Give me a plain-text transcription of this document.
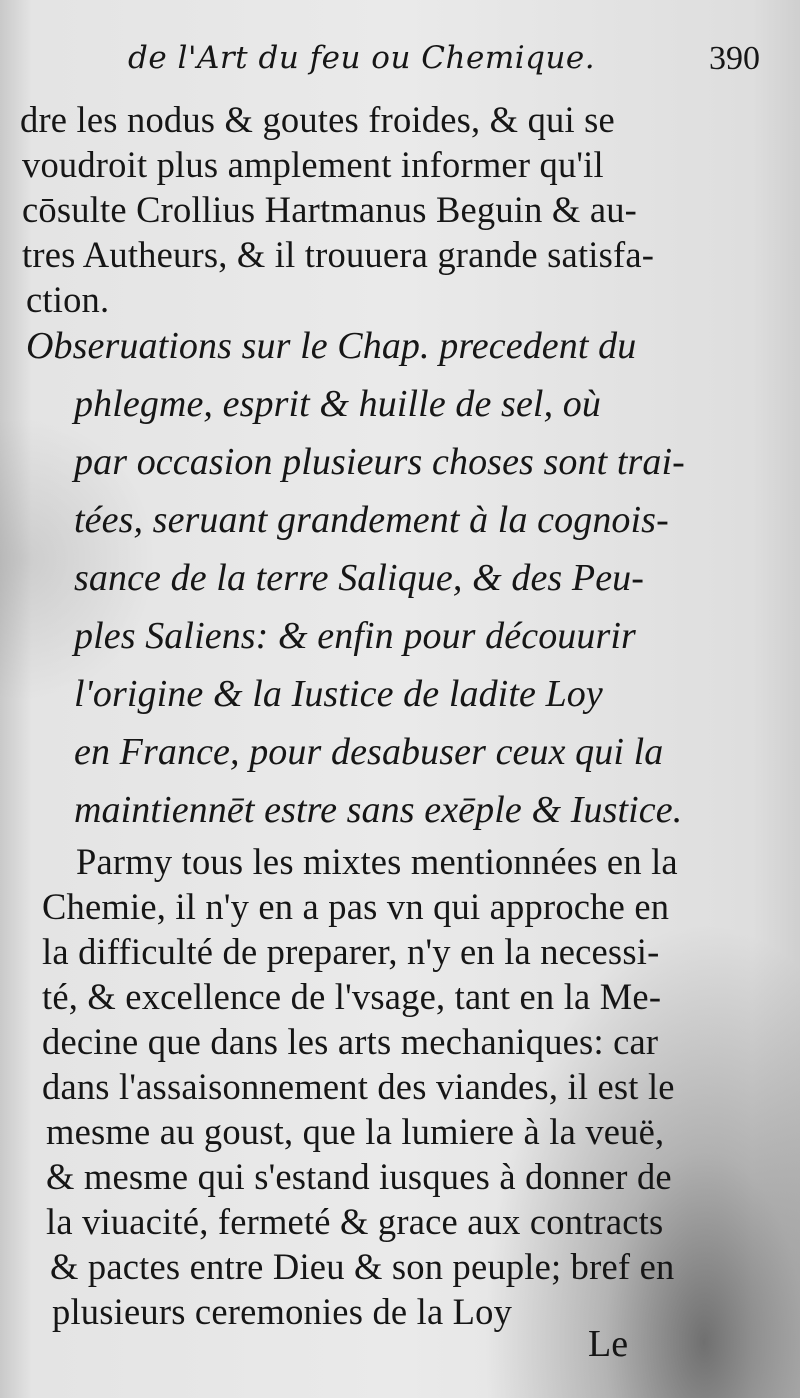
de l'Art du feu ou Chemique.	390
dre les nodus & goutes froides, & qui se
voudroit plus amplement informer qu'il
cōsulte Crollius Hartmanus Beguin & au-
tres Autheurs, & il trouuera grande satisfa-
ction.
Obseruations sur le Chap. precedent du
phlegme, esprit & huille de sel, où
par occasion plusieurs choses sont trai-
tées, seruant grandement à la cognois-
sance de la terre Salique, & des Peu-
ples Saliens: & enfin pour découurir
l'origine & la Iustice de ladite Loy
en France, pour desabuser ceux qui la
maintiennēt estre sans exēple & Iustice.
Parmy tous les mixtes mentionnées en la
Chemie, il n'y en a pas vn qui approche en
la difficulté de preparer, n'y en la necessi-
té, & excellence de l'vsage, tant en la Me-
decine que dans les arts mechaniques: car
dans l'assaisonnement des viandes, il est le
mesme au goust, que la lumiere à la veuë,
& mesme qui s'estand iusques à donner de
la viuacité, fermeté & grace aux contracts
& pactes entre Dieu & son peuple; bref en
plusieurs ceremonies de la Loy
Le
